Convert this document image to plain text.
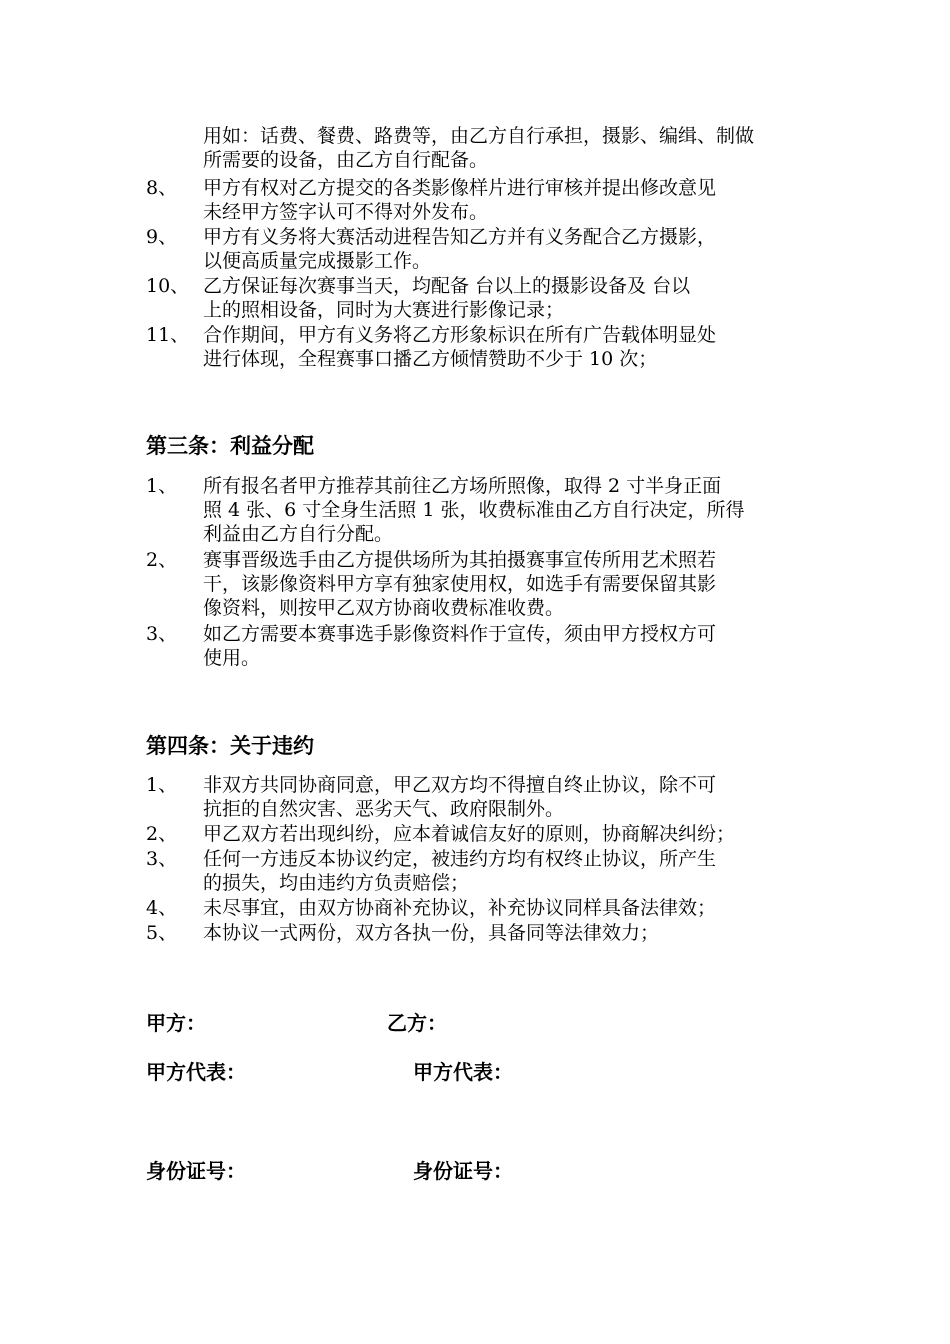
用如：话费、餐费、路费等，由乙方自行承担，摄影、编缉、制做
所需要的设备，由乙方自行配备。
8、 甲方有权对乙方提交的各类影像样片进行审核并提出修改意见
未经甲方签字认可不得对外发布。
9、 甲方有义务将大赛活动进程告知乙方并有义务配合乙方摄影，
以便高质量完成摄影工作。
10、 乙方保证每次赛事当天，均配备 台以上的摄影设备及 台以
上的照相设备，同时为大赛进行影像记录；
11、 合作期间，甲方有义务将乙方形象标识在所有广告载体明显处
进行体现，全程赛事口播乙方倾情赞助不少于 10 次；
第三条：利益分配
1、 所有报名者甲方推荐其前往乙方场所照像，取得 2 寸半身正面
照 4 张、6 寸全身生活照 1 张，收费标准由乙方自行决定，所得
利益由乙方自行分配。
2、 赛事晋级选手由乙方提供场所为其拍摄赛事宣传所用艺术照若
干，该影像资料甲方享有独家使用权，如选手有需要保留其影
像资料，则按甲乙双方协商收费标准收费。
3、 如乙方需要本赛事选手影像资料作于宣传，须由甲方授权方可
使用。
第四条：关于违约
1、 非双方共同协商同意，甲乙双方均不得擅自终止协议，除不可
抗拒的自然灾害、恶劣天气、政府限制外。
2、 甲乙双方若出现纠纷，应本着诚信友好的原则，协商解决纠纷；
3、 任何一方违反本协议约定，被违约方均有权终止协议，所产生
的损失，均由违约方负责赔偿；
4、 未尽事宜，由双方协商补充协议，补充协议同样具备法律效；
5、 本协议一式两份，双方各执一份，具备同等法律效力；
甲方：	乙方：
甲方代表：	甲方代表：
身份证号：	身份证号：
